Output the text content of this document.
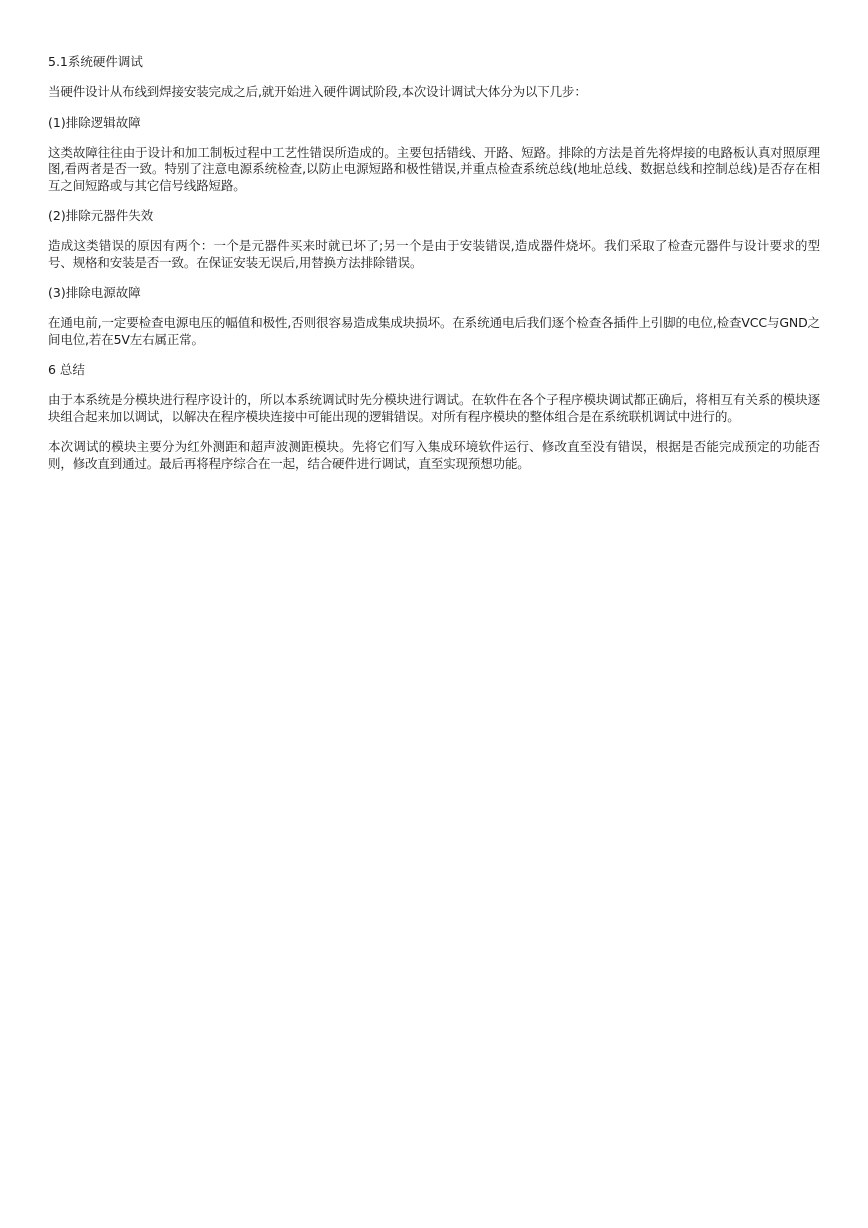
5.1系统硬件调试

当硬件设计从布线到焊接安装完成之后,就开始进入硬件调试阶段,本次设计调试大体分为以下几步：

(1)排除逻辑故障

这类故障往往由于设计和加工制板过程中工艺性错误所造成的。主要包括错线、开路、短路。排除的方法是首先将焊接的电路板认真对照原理图,看两者是否一致。特别了注意电源系统检查,以防止电源短路和极性错误,并重点检查系统总线(地址总线、数据总线和控制总线)是否存在相互之间短路或与其它信号线路短路。

(2)排除元器件失效

造成这类错误的原因有两个：一个是元器件买来时就已坏了;另一个是由于安装错误,造成器件烧坏。我们采取了检查元器件与设计要求的型号、规格和安装是否一致。在保证安装无误后,用替换方法排除错误。

(3)排除电源故障

在通电前,一定要检查电源电压的幅值和极性,否则很容易造成集成块损坏。在系统通电后我们逐个检查各插件上引脚的电位,检查VCC与GND之间电位,若在5V左右属正常。

6 总结

由于本系统是分模块进行程序设计的，所以本系统调试时先分模块进行调试。在软件在各个子程序模块调试都正确后，将相互有关系的模块逐块组合起来加以调试，以解决在程序模块连接中可能出现的逻辑错误。对所有程序模块的整体组合是在系统联机调试中进行的。

本次调试的模块主要分为红外测距和超声波测距模块。先将它们写入集成环境软件运行、修改直至没有错误，根据是否能完成预定的功能否则，修改直到通过。最后再将程序综合在一起，结合硬件进行调试，直至实现预想功能。
